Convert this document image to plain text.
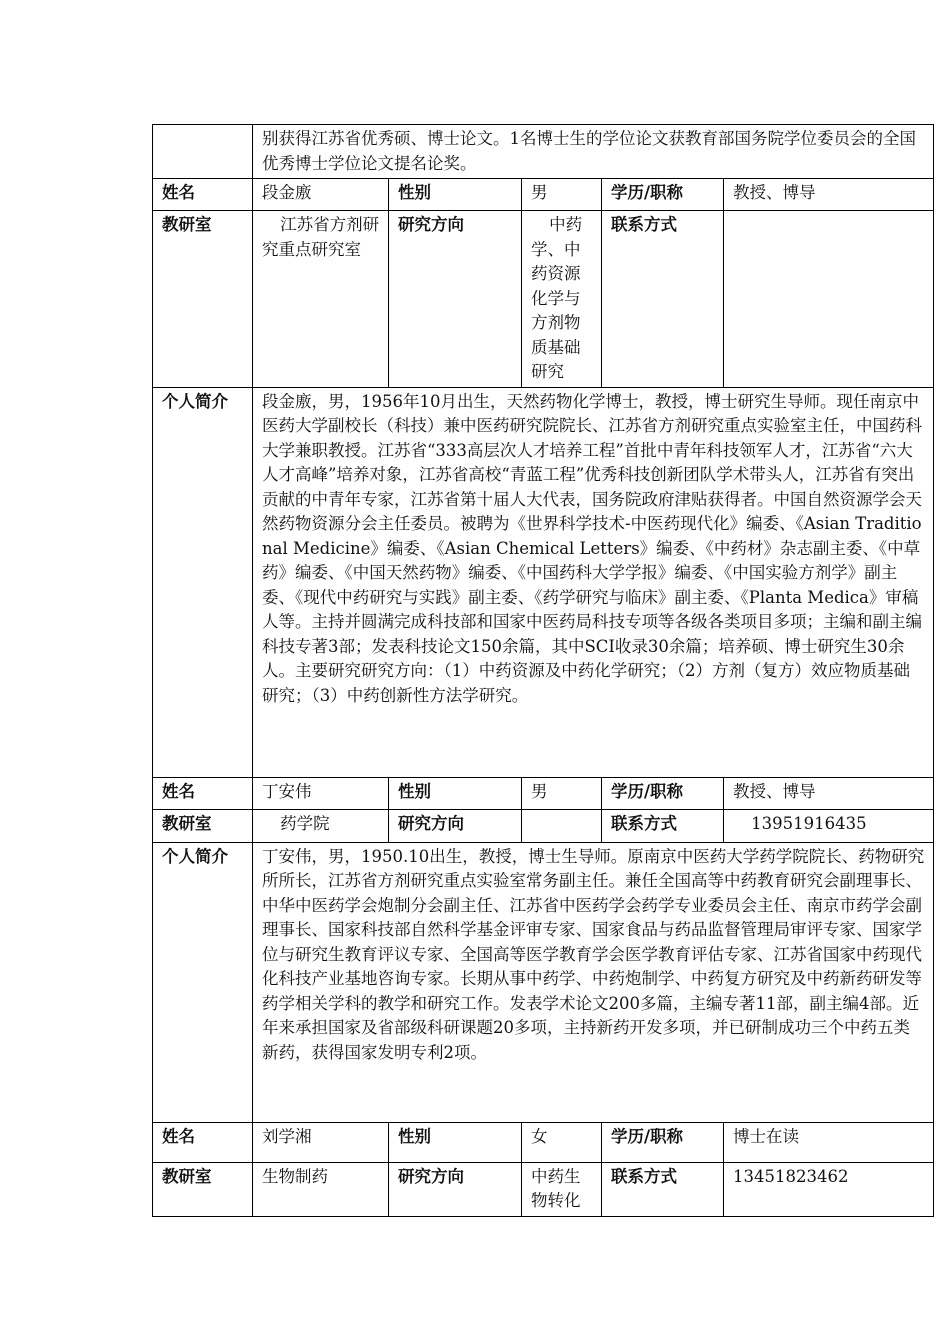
	别获得江苏省优秀硕、博士论文。1名博士生的学位论文获教育部国务院学位委员会的全国优秀博士学位论文提名论奖。				
姓名	段金廒	性别	男	学历/职称	教授、博导
教研室	江苏省方剂研究重点研究室	研究方向	中药学、中药资源化学与方剂物质基础研究	联系方式	
个人简介	段金廒，男，1956年10月出生，天然药物化学博士，教授，博士研究生导师。现任南京中医药大学副校长（科技）兼中医药研究院院长、江苏省方剂研究重点实验室主任，中国药科大学兼职教授。江苏省“333高层次人才培养工程”首批中青年科技领军人才，江苏省“六大人才高峰”培养对象，江苏省高校“青蓝工程”优秀科技创新团队学术带头人，江苏省有突出贡献的中青年专家，江苏省第十届人大代表，国务院政府津贴获得者。中国自然资源学会天然药物资源分会主任委员。被聘为《世界科学技术-中医药现代化》编委、《Asian Traditional Medicine》编委、《Asian Chemical Letters》编委、《中药材》杂志副主委、《中草药》编委、《中国天然药物》编委、《中国药科大学学报》编委、《中国实验方剂学》副主委、《现代中药研究与实践》副主委、《药学研究与临床》副主委、《Planta Medica》审稿人等。主持并圆满完成科技部和国家中医药局科技专项等各级各类项目多项；主编和副主编科技专著3部；发表科技论文150余篇，其中SCI收录30余篇；培养硕、博士研究生30余人。主要研究研究方向：（1）中药资源及中药化学研究；（2）方剂（复方）效应物质基础研究；（3）中药创新性方法学研究。				
姓名	丁安伟	性别	男	学历/职称	教授、博导
教研室	药学院	研究方向		联系方式	13951916435
个人简介	丁安伟，男，1950.10出生，教授，博士生导师。原南京中医药大学药学院院长、药物研究所所长，江苏省方剂研究重点实验室常务副主任。兼任全国高等中药教育研究会副理事长、中华中医药学会炮制分会副主任、江苏省中医药学会药学专业委员会主任、南京市药学会副理事长、国家科技部自然科学基金评审专家、国家食品与药品监督管理局审评专家、国家学位与研究生教育评议专家、全国高等医学教育学会医学教育评估专家、江苏省国家中药现代化科技产业基地咨询专家。长期从事中药学、中药炮制学、中药复方研究及中药新药研发等药学相关学科的教学和研究工作。发表学术论文200多篇，主编专著11部，副主编4部。近年来承担国家及省部级科研课题20多项，主持新药开发多项，并已研制成功三个中药五类新药，获得国家发明专利2项。				
姓名	刘学湘	性别	女	学历/职称	博士在读
教研室	生物制药	研究方向	中药生物转化	联系方式	13451823462
